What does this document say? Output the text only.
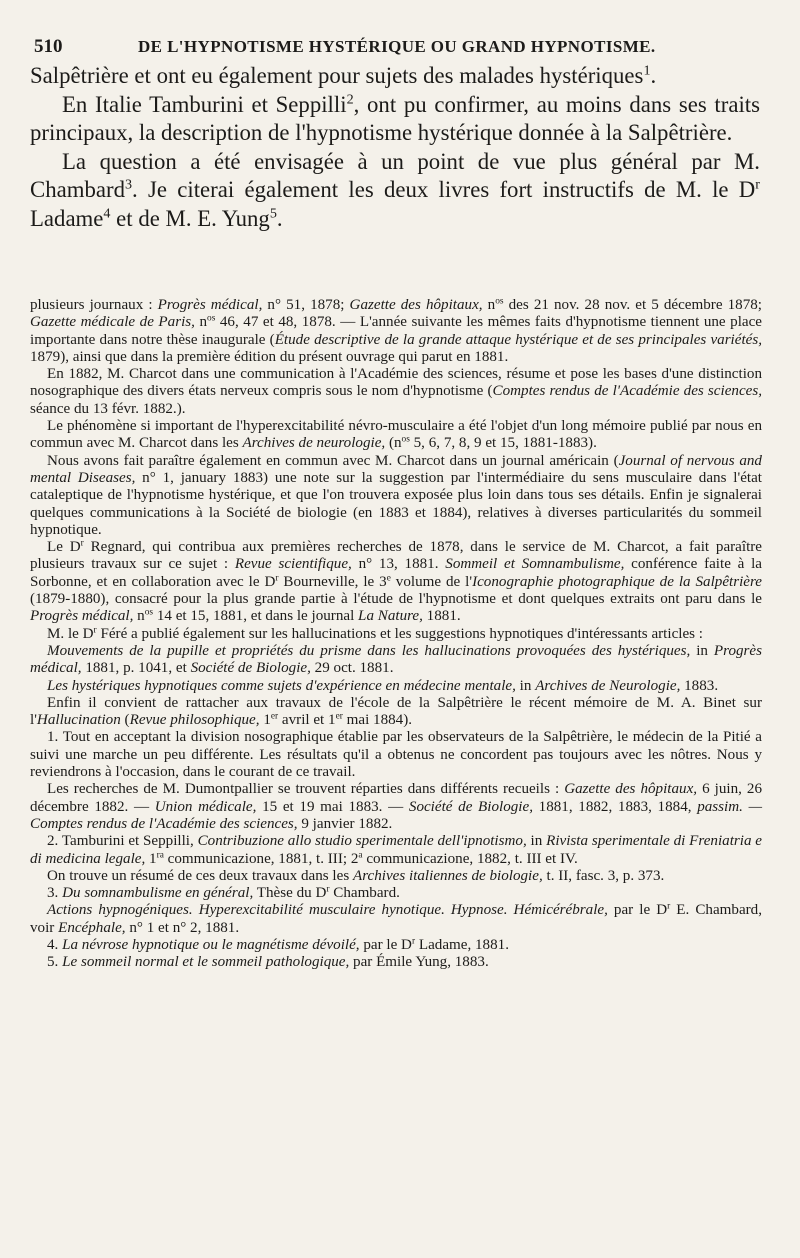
510	DE L'HYPNOTISME HYSTÉRIQUE OU GRAND HYPNOTISME.

Salpêtrière et ont eu également pour sujets des malades hystériques$^1$.

En Italie Tamburini et Seppilli$^2$, ont pu confirmer, au moins dans ses traits principaux, la description de l'hypnotisme hystérique donnée à la Salpêtrière.

La question a été envisagée à un point de vue plus général par M. Chambard$^3$. Je citerai également les deux livres fort instructifs de M. le $D^r$ Ladame$^4$ et de M. E. Yung$^5$.

plusieurs journaux : Progrès médical, n° 51, 1878; Gazette des hôpitaux, $n^{os}$ des 21 nov. 28 nov. et 5 décembre 1878; Gazette médicale de Paris, $n^{os}$ 46, 47 et 48, 1878. — L'année suivante les mêmes faits d'hypnotisme tiennent une place importante dans notre thèse inaugurale (Étude descriptive de la grande attaque hystérique et de ses principales variétés, 1879), ainsi que dans la première édition du présent ouvrage qui parut en 1881.

En 1882, M. Charcot dans une communication à l'Académie des sciences, résume et pose les bases d'une distinction nosographique des divers états nerveux compris sous le nom d'hypnotisme (Comptes rendus de l'Académie des sciences, séance du 13 févr. 1882.).

Le phénomène si important de l'hyperexcitabilité névro-musculaire a été l'objet d'un long mémoire publié par nous en commun avec M. Charcot dans les Archives de neurologie, ($n^{os}$ 5, 6, 7, 8, 9 et 15, 1881-1883).

Nous avons fait paraître également en commun avec M. Charcot dans un journal américain (Journal of nervous and mental Diseases, n° 1, january 1883) une note sur la suggestion par l'intermédiaire du sens musculaire dans l'état cataleptique de l'hypnotisme hystérique, et que l'on trouvera exposée plus loin dans tous ses détails. Enfin je signalerai quelques communications à la Société de biologie (en 1883 et 1884), relatives à diverses particularités du sommeil hypnotique.

Le $D^r$ Regnard, qui contribua aux premières recherches de 1878, dans le service de M. Charcot, a fait paraître plusieurs travaux sur ce sujet : Revue scientifique, n° 13, 1881. Sommeil et Somnambulisme, conférence faite à la Sorbonne, et en collaboration avec le $D^r$ Bourneville, le 3e volume de l'Iconographie photographique de la Salpêtrière (1879-1880), consacré pour la plus grande partie à l'étude de l'hypnotisme et dont quelques extraits ont paru dans le Progrès médical, $n^{os}$ 14 et 15, 1881, et dans le journal La Nature, 1881.

M. le $D^r$ Féré a publié également sur les hallucinations et les suggestions hypnotiques d'intéressants articles :

Mouvements de la pupille et propriétés du prisme dans les hallucinations provoquées des hystériques, in Progrès médical, 1881, p. 1041, et Société de Biologie, 29 oct. 1881.

Les hystériques hypnotiques comme sujets d'expérience en médecine mentale, in Archives de Neurologie, 1883.

Enfin il convient de rattacher aux travaux de l'école de la Salpêtrière le récent mémoire de M. A. Binet sur l'Hallucination (Revue philosophique, 1er avril et 1er mai 1884).

1. Tout en acceptant la division nosographique établie par les observateurs de la Salpêtrière, le médecin de la Pitié a suivi une marche un peu différente. Les résultats qu'il a obtenus ne concordent pas toujours avec les nôtres. Nous y reviendrons à l'occasion, dans le courant de ce travail.

Les recherches de M. Dumontpallier se trouvent réparties dans différents recueils : Gazette des hôpitaux, 6 juin, 26 décembre 1882. — Union médicale, 15 et 19 mai 1883. — Société de Biologie, 1881, 1882, 1883, 1884, passim. — Comptes rendus de l'Académie des sciences, 9 janvier 1882.

2. Tamburini et Seppilli, Contribuzione allo studio sperimentale dell'ipnotismo, in Rivista sperimentale di Freniatria e di medicina legale, $1^{ra}$ communicazione, 1881, t. III; 2$^a$ communicazione, 1882, t. III et IV.

On trouve un résumé de ces deux travaux dans les Archives italiennes de biologie, t. II, fasc. 3, p. 373.

3. Du somnambulisme en général, Thèse du $D^r$ Chambard.

Actions hypnogéniques. Hyperexcitabilité musculaire hynotique. Hypnose. Hémicérébrale, par le $D^r$ E. Chambard, voir Encéphale, n° 1 et n° 2, 1881.

4. La névrose hypnotique ou le magnétisme dévoilé, par le $D^r$ Ladame, 1881.

5. Le sommeil normal et le sommeil pathologique, par Émile Yung, 1883.
